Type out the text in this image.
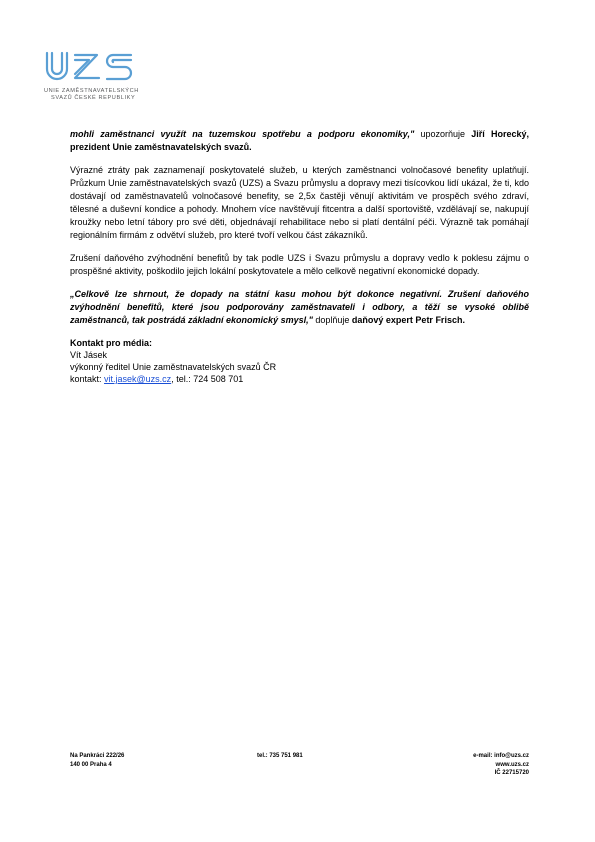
UNIE ZAMĚSTNAVATELSKÝCH
SVAZŮ ČESKÉ REPUBLIKY

mohli zaměstnanci využít na tuzemskou spotřebu a podporu ekonomiky," upozorňuje Jiří Horecký, prezident Unie zaměstnavatelských svazů.

Výrazné ztráty pak zaznamenají poskytovatelé služeb, u kterých zaměstnanci volnočasové benefity uplatňují. Průzkum Unie zaměstnavatelských svazů (UZS) a Svazu průmyslu a dopravy mezi tisícovkou lidí ukázal, že ti, kdo dostávají od zaměstnavatelů volnočasové benefity, se 2,5x častěji věnují aktivitám ve prospěch svého zdraví, tělesné a duševní kondice a pohody. Mnohem více navštěvují fitcentra a další sportoviště, vzdělávají se, nakupují kroužky nebo letní tábory pro své děti, objednávají rehabilitace nebo si platí dentální péči. Výrazně tak pomáhají regionálním firmám z odvětví služeb, pro které tvoří velkou část zákazníků.

Zrušení daňového zvýhodnění benefitů by tak podle UZS i Svazu průmyslu a dopravy vedlo k poklesu zájmu o prospěšné aktivity, poškodilo jejich lokální poskytovatele a mělo celkově negativní ekonomické dopady.

„Celkově lze shrnout, že dopady na státní kasu mohou být dokonce negativní. Zrušení daňového zvýhodnění benefitů, které jsou podporovány zaměstnavateli i odbory, a těží se vysoké oblibě zaměstnanců, tak postrádá základní ekonomický smysl," doplňuje daňový expert Petr Frisch.

Kontakt pro média:
Vít Jásek
výkonný ředitel Unie zaměstnavatelských svazů ČR
kontakt: vit.jasek@uzs.cz, tel.: 724 508 701
Na Pankráci 222/26
140 00 Praha 4
tel.: 735 751 981	e-mail: info@uzs.cz
www.uzs.cz
IČ 22715720
